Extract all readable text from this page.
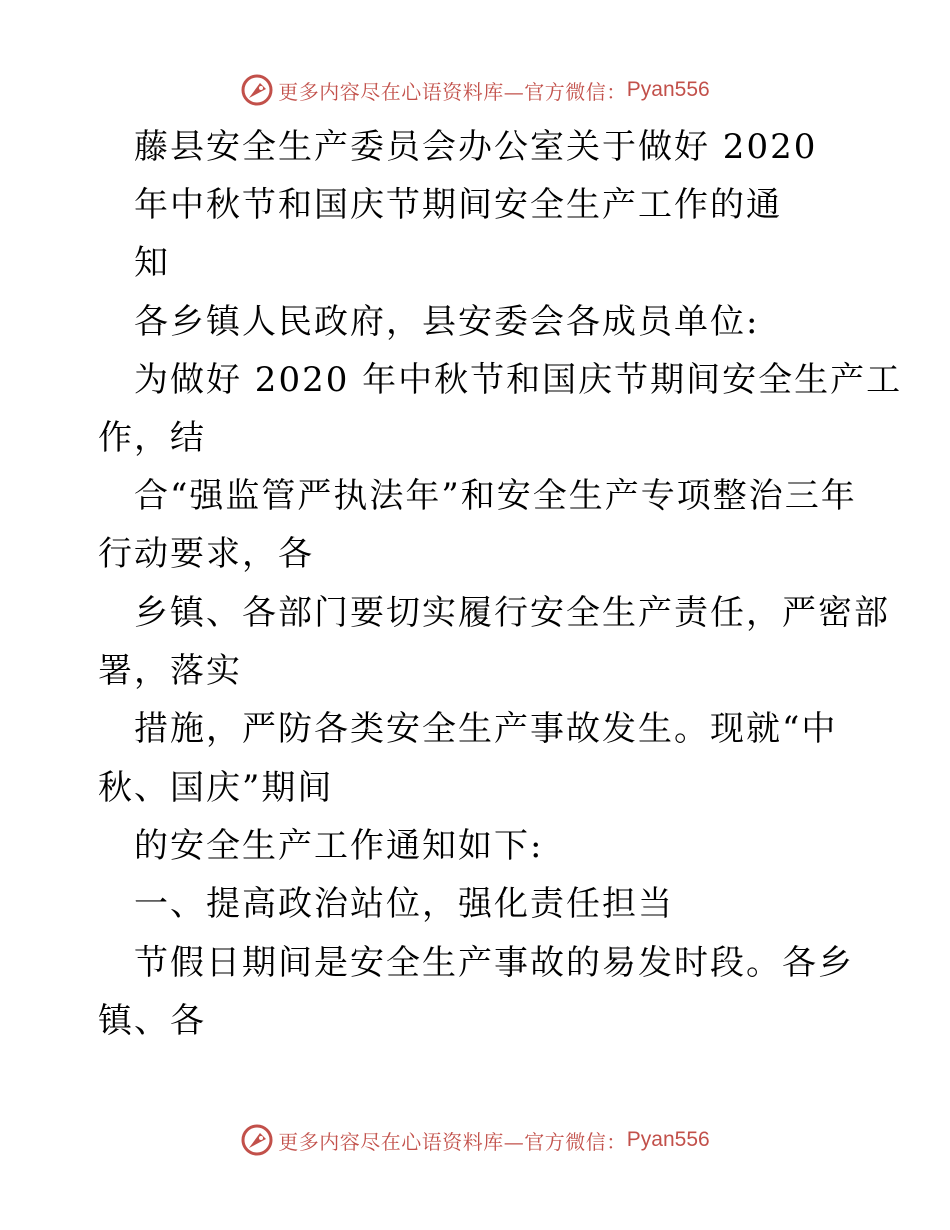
更多内容尽在心语资料库—官方微信： Pyan556

藤县安全生产委员会办公室关于做好 2020

年中秋节和国庆节期间安全生产工作的通

知

各乡镇人民政府，县安委会各成员单位:

为做好 2020 年中秋节和国庆节期间安全生产工

作，结

合“强监管严执法年”和安全生产专项整治三年

行动要求，各

乡镇、各部门要切实履行安全生产责任，严密部

署，落实

措施，严防各类安全生产事故发生。现就“中

秋、国庆”期间

的安全生产工作通知如下:

一、提高政治站位，强化责任担当

节假日期间是安全生产事故的易发时段。各乡

镇、各

更多内容尽在心语资料库—官方微信： Pyan556
